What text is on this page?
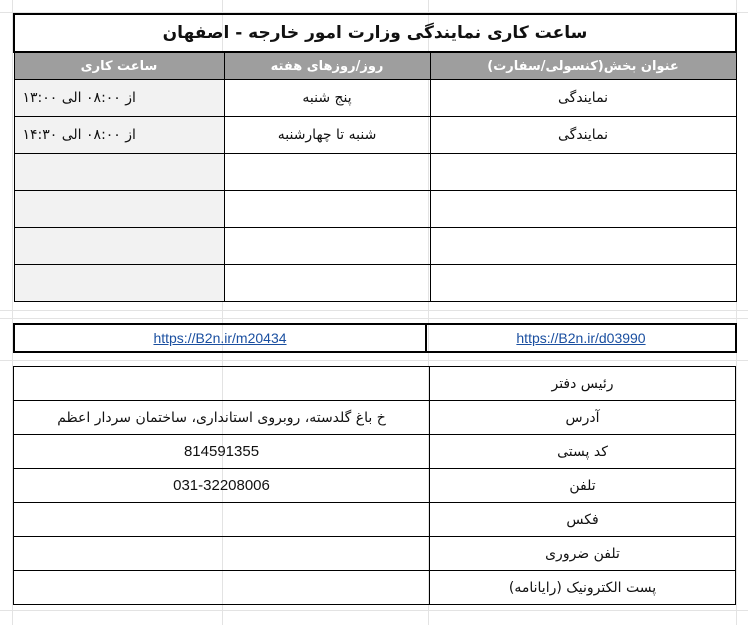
ساعت کاری نمایندگی وزارت امور خارجه - اصفهان		
عنوان بخش(کنسولی/سفارت)	روز/روزهای هفته	ساعت کاری
نمایندگی	پنج شنبه	از ۰۸:۰۰ الی ۱۳:۰۰
نمایندگی	شنبه تا چهارشنبه	از ۰۸:۰۰ الی ۱۴:۳۰

https://B2n.ir/d03990	https://B2n.ir/m20434
رئیس دفتر	
آدرس	خ باغ گلدسته، روبروی استانداری، ساختمان سردار اعظم
کد پستی	814591355
تلفن	031-32208006
فکس	
تلفن ضروری	
پست الکترونیک (رایانامه)	
